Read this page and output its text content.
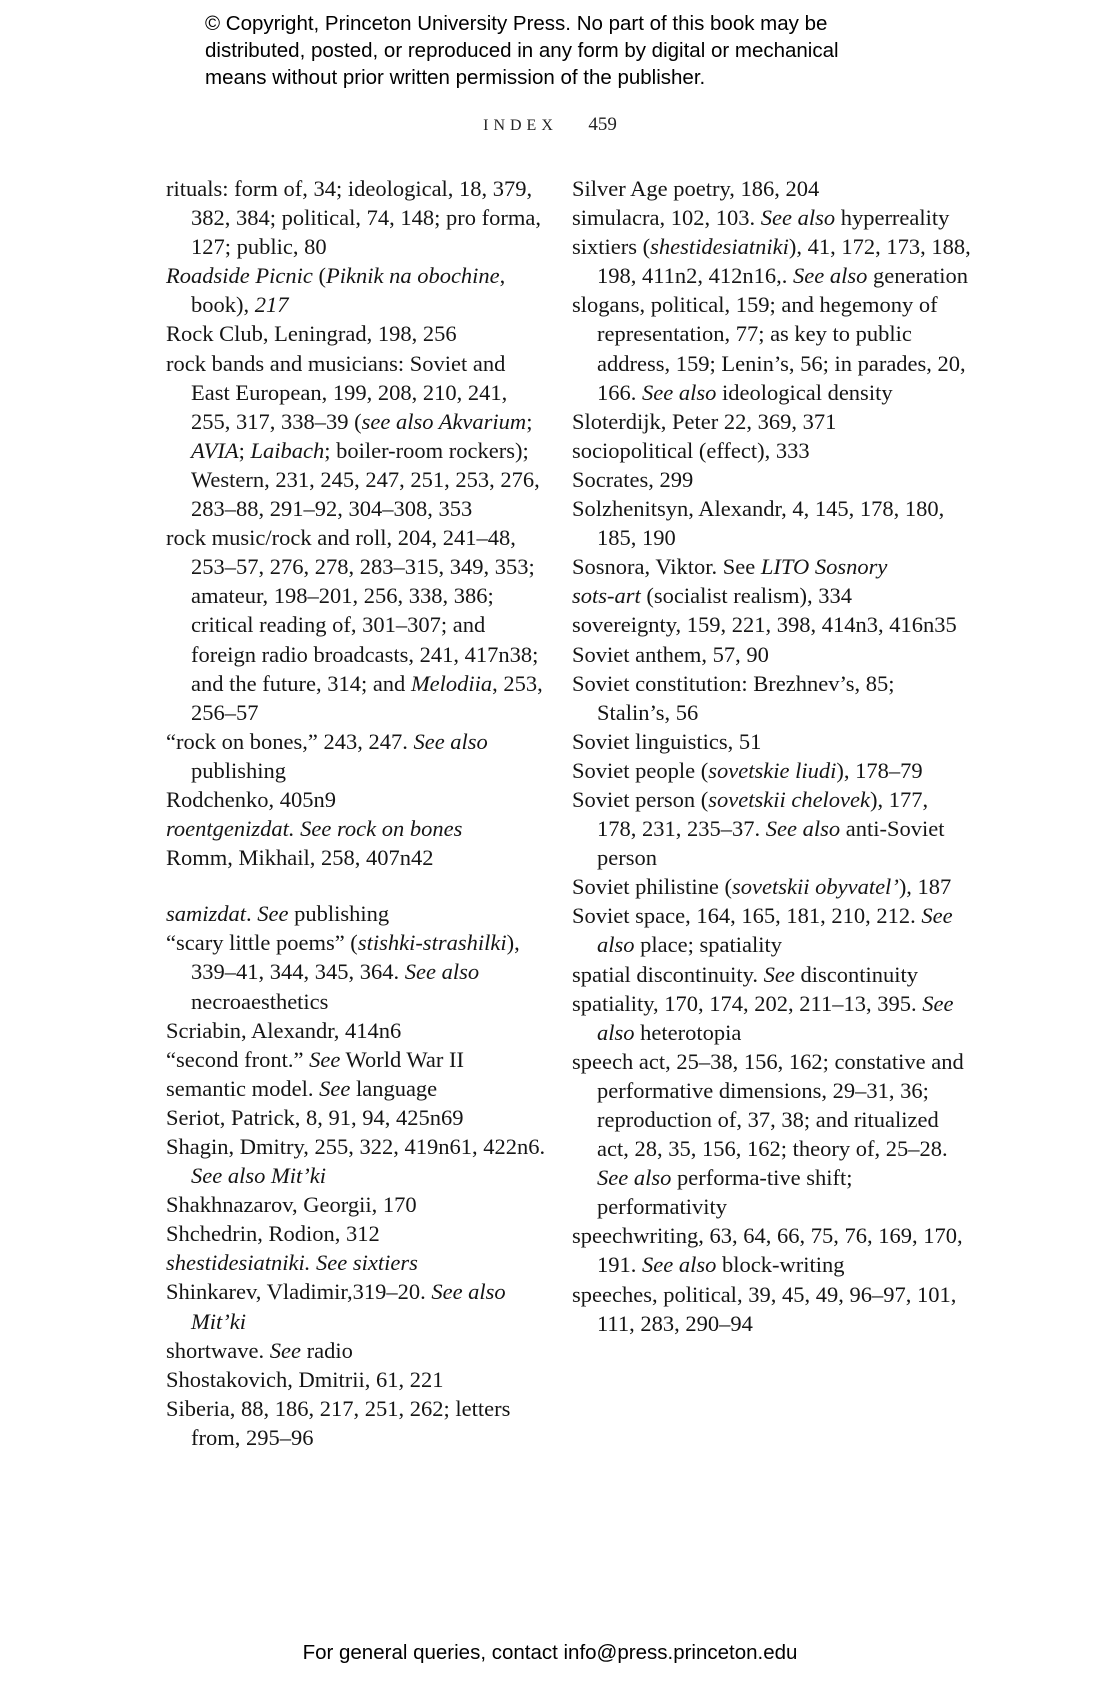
© Copyright, Princeton University Press. No part of this book may be
distributed, posted, or reproduced in any form by digital or mechanical
means without prior written permission of the publisher.
INDEX 459
rituals: form of, 34; ideological, 18, 379, 382, 384; political, 74, 148; pro forma, 127; public, 80
Roadside Picnic (Piknik na obochine, book), 217
Rock Club, Leningrad, 198, 256
rock bands and musicians: Soviet and East European, 199, 208, 210, 241, 255, 317, 338–39 (see also Akvarium; AVIA; Laibach; boiler-room rockers); Western, 231, 245, 247, 251, 253, 276, 283–88, 291–92, 304–308, 353
rock music/rock and roll, 204, 241–48, 253–57, 276, 278, 283–315, 349, 353; amateur, 198–201, 256, 338, 386; critical reading of, 301–307; and foreign radio broadcasts, 241, 417n38; and the future, 314; and Melodiia, 253, 256–57
“rock on bones,” 243, 247. See also publishing
Rodchenko, 405n9
roentgenizdat. See rock on bones
Romm, Mikhail, 258, 407n42
samizdat. See publishing
“scary little poems” (stishki-strashilki), 339–41, 344, 345, 364. See also necroaesthetics
Scriabin, Alexandr, 414n6
“second front.” See World War II
semantic model. See language
Seriot, Patrick, 8, 91, 94, 425n69
Shagin, Dmitry, 255, 322, 419n61, 422n6. See also Mit’ki
Shakhnazarov, Georgii, 170
Shchedrin, Rodion, 312
shestidesiatniki. See sixtiers
Shinkarev, Vladimir,319–20. See also Mit’ki
shortwave. See radio
Shostakovich, Dmitrii, 61, 221
Siberia, 88, 186, 217, 251, 262; letters from, 295–96
Silver Age poetry, 186, 204
simulacra, 102, 103. See also hyperreality
sixtiers (shestidesiatniki), 41, 172, 173, 188, 198, 411n2, 412n16,. See also generation
slogans, political, 159; and hegemony of representation, 77; as key to public address, 159; Lenin’s, 56; in parades, 20, 166. See also ideological density
Sloterdijk, Peter 22, 369, 371
sociopolitical (effect), 333
Socrates, 299
Solzhenitsyn, Alexandr, 4, 145, 178, 180, 185, 190
Sosnora, Viktor. See LITO Sosnory
sots-art (socialist realism), 334
sovereignty, 159, 221, 398, 414n3, 416n35
Soviet anthem, 57, 90
Soviet constitution: Brezhnev’s, 85; Stalin’s, 56
Soviet linguistics, 51
Soviet people (sovetskie liudi), 178–79
Soviet person (sovetskii chelovek), 177, 178, 231, 235–37. See also anti-Soviet person
Soviet philistine (sovetskii obyvatel’), 187
Soviet space, 164, 165, 181, 210, 212. See also place; spatiality
spatial discontinuity. See discontinuity
spatiality, 170, 174, 202, 211–13, 395. See also heterotopia
speech act, 25–38, 156, 162; constative and performative dimensions, 29–31, 36; reproduction of, 37, 38; and ritualized act, 28, 35, 156, 162; theory of, 25–28. See also performa-tive shift; performativity
speechwriting, 63, 64, 66, 75, 76, 169, 170, 191. See also block-writing
speeches, political, 39, 45, 49, 96–97, 101, 111, 283, 290–94
For general queries, contact info@press.princeton.edu
